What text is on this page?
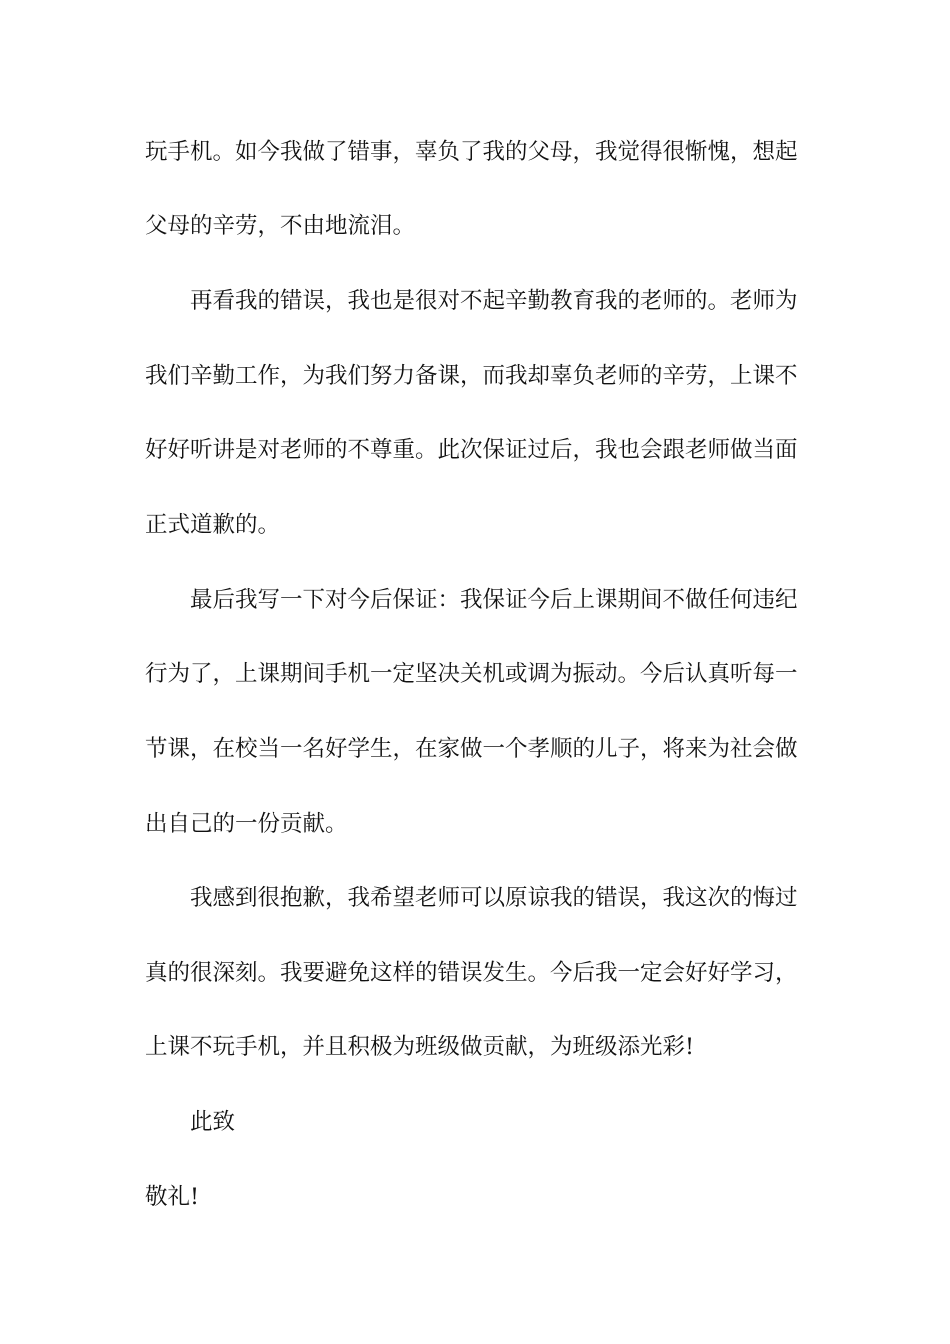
玩手机。如今我做了错事，辜负了我的父母，我觉得很惭愧，想起
父母的辛劳，不由地流泪。
再看我的错误，我也是很对不起辛勤教育我的老师的。老师为
我们辛勤工作，为我们努力备课，而我却辜负老师的辛劳，上课不
好好听讲是对老师的不尊重。此次保证过后，我也会跟老师做当面
正式道歉的。
最后我写一下对今后保证：我保证今后上课期间不做任何违纪
行为了，上课期间手机一定坚决关机或调为振动。今后认真听每一
节课，在校当一名好学生，在家做一个孝顺的儿子，将来为社会做
出自己的一份贡献。
我感到很抱歉，我希望老师可以原谅我的错误，我这次的悔过
真的很深刻。我要避免这样的错误发生。今后我一定会好好学习，
上课不玩手机，并且积极为班级做贡献，为班级添光彩!
此致
敬礼!
